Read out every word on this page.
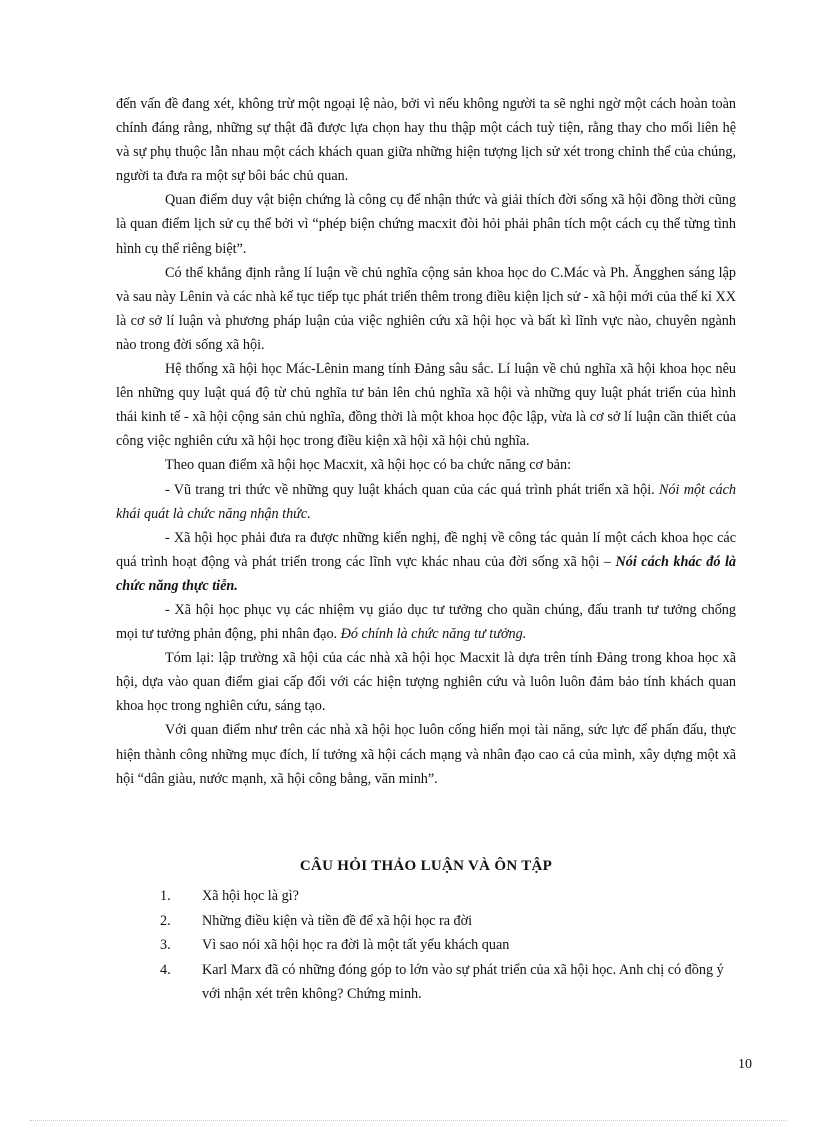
đến vấn đề đang xét, không trừ một ngoại lệ nào, bởi vì nếu không người ta sẽ nghi ngờ một cách hoàn toàn chính đáng rằng, những sự thật đã được lựa chọn hay thu thập một cách tuỳ tiện, rằng thay cho mối liên hệ và sự phụ thuộc lẫn nhau một cách khách quan giữa những hiện tượng lịch sử xét trong chỉnh thể của chúng, người ta đưa ra một sự bôi bác chủ quan.

Quan điểm duy vật biện chứng là công cụ để nhận thức và giải thích đời sống xã hội đồng thời cũng là quan điểm lịch sử cụ thể bởi vì “phép biện chứng macxit đòi hỏi phải phân tích một cách cụ thể từng tình hình cụ thể riêng biệt”.

Có thể khẳng định rằng lí luận về chủ nghĩa cộng sản khoa học do C.Mác và Ph. Ăngghen sáng lập và sau này Lênin và các nhà kế tục tiếp tục phát triển thêm trong điều kiện lịch sử - xã hội mới của thế kỉ XX là cơ sở lí luận và phương pháp luận của việc nghiên cứu xã hội học và bất kì lĩnh vực nào, chuyên ngành nào trong đời sống xã hội.

Hệ thống xã hội học Mác-Lênin mang tính Đảng sâu sắc. Lí luận về chủ nghĩa xã hội khoa học nêu lên những quy luật quá độ từ chủ nghĩa tư bản lên chủ nghĩa xã hội và những quy luật phát triển của hình thái kinh tế - xã hội cộng sản chủ nghĩa, đồng thời là một khoa học độc lập, vừa là cơ sở lí luận cần thiết của công việc nghiên cứu xã hội học trong điều kiện xã hội xã hội chủ nghĩa.

Theo quan điểm xã hội học Macxit, xã hội học có ba chức năng cơ bản:

- Vũ trang tri thức về những quy luật khách quan của các quá trình phát triển xã hội. Nói một cách khái quát là chức năng nhận thức.

- Xã hội học phải đưa ra được những kiến nghị, đề nghị về công tác quản lí một cách khoa học các quá trình hoạt động và phát triển trong các lĩnh vực khác nhau của đời sống xã hội – Nói cách khác đó là chức năng thực tiễn.

- Xã hội học phục vụ các nhiệm vụ giáo dục tư tưởng cho quần chúng, đấu tranh tư tưởng chống mọi tư tưởng phản động, phi nhân đạo. Đó chính là chức năng tư tưởng.

Tóm lại: lập trường xã hội của các nhà xã hội học Macxit là dựa trên tính Đảng trong khoa học xã hội, dựa vào quan điểm giai cấp đối với các hiện tượng nghiên cứu và luôn luôn đảm bảo tính khách quan khoa học trong nghiên cứu, sáng tạo.

Với quan điểm như trên các nhà xã hội học luôn cống hiến mọi tài năng, sức lực để phấn đấu, thực hiện thành công những mục đích, lí tưởng xã hội cách mạng và nhân đạo cao cả của mình, xây dựng một xã hội “dân giàu, nước mạnh, xã hội công bằng, văn minh”.

CÂU HỎI THẢO LUẬN VÀ ÔN TẬP
1.	Xã hội học là gì?
2.	Những điều kiện và tiền đề để xã hội học ra đời
3.	Vì sao nói xã hội học ra đời là một tất yếu khách quan
4.	Karl Marx đã có những đóng góp to lớn vào sự phát triển của xã hội học. Anh chị có đồng ý với nhận xét trên không? Chứng minh.
10
